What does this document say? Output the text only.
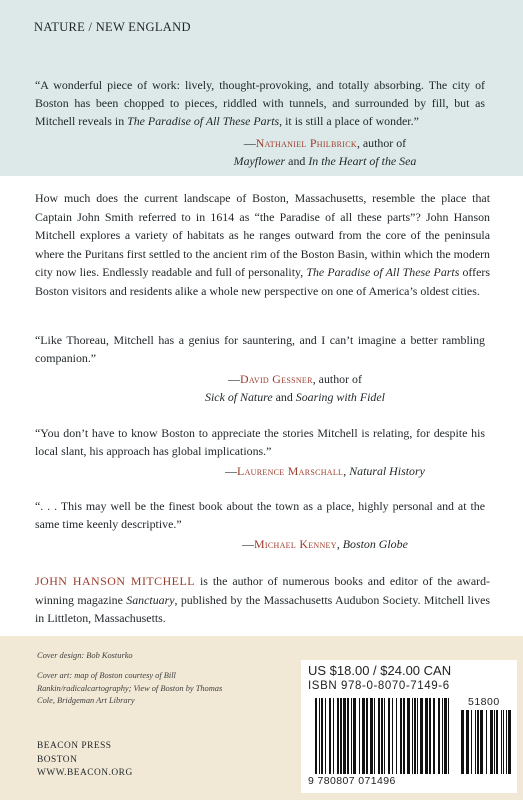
NATURE / NEW ENGLAND
“A wonderful piece of work: lively, thought-provoking, and totally absorbing. The city of Boston has been chopped to pieces, riddled with tunnels, and surrounded by fill, but as Mitchell reveals in The Paradise of All These Parts, it is still a place of wonder.”
—Nathaniel Philbrick, author of
Mayflower and In the Heart of the Sea
How much does the current landscape of Boston, Massachusetts, resemble the place that Captain John Smith referred to in 1614 as “the Paradise of all these parts”? John Hanson Mitchell explores a variety of habitats as he ranges outward from the core of the peninsula where the Puritans first settled to the ancient rim of the Boston Basin, within which the modern city now lies. Endlessly readable and full of personality, The Paradise of All These Parts offers Boston visitors and residents alike a whole new perspective on one of America’s oldest cities.
“Like Thoreau, Mitchell has a genius for sauntering, and I can’t imagine a better rambling companion.”
—David Gessner, author of
Sick of Nature and Soaring with Fidel
“You don’t have to know Boston to appreciate the stories Mitchell is relating, for despite his local slant, his approach has global implications.”
—Laurence Marschall, Natural History
“. . . This may well be the finest book about the town as a place, highly personal and at the same time keenly descriptive.”
—Michael Kenney, Boston Globe
JOHN HANSON MITCHELL is the author of numerous books and editor of the award-winning magazine Sanctuary, published by the Massachusetts Audubon Society. Mitchell lives in Littleton, Massachusetts.

Cover design: Bob Kosturko

Cover art: map of Boston courtesy of Bill Rankin/radicalcartography; View of Boston by Thomas Cole, Bridgeman Art Library

BEACON PRESS
BOSTON
WWW.BEACON.ORG
US $18.00 / $24.00 CAN
ISBN 978-0-8070-7149-6
51800
9 780807 071496
